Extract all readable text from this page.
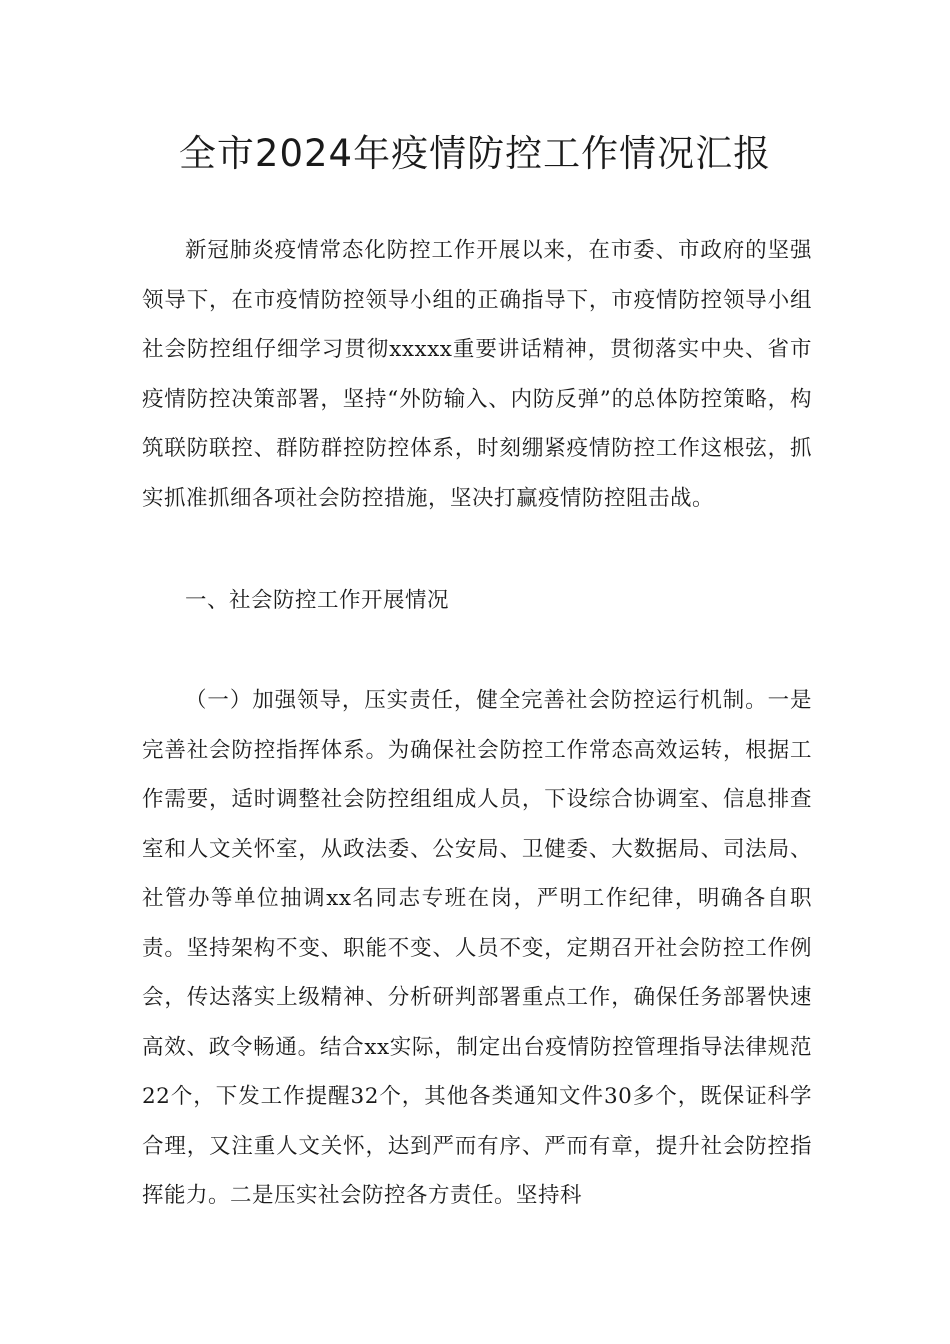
全市2024年疫情防控工作情况汇报

新冠肺炎疫情常态化防控工作开展以来，在市委、市政府的坚强领导下，在市疫情防控领导小组的正确指导下，市疫情防控领导小组社会防控组仔细学习贯彻xxxxx重要讲话精神，贯彻落实中央、省市疫情防控决策部署，坚持“外防输入、内防反弹”的总体防控策略，构筑联防联控、群防群控防控体系，时刻绷紧疫情防控工作这根弦，抓实抓准抓细各项社会防控措施，坚决打赢疫情防控阻击战。

一、社会防控工作开展情况

（一）加强领导，压实责任，健全完善社会防控运行机制。一是完善社会防控指挥体系。为确保社会防控工作常态高效运转，根据工作需要，适时调整社会防控组组成人员，下设综合协调室、信息排查室和人文关怀室，从政法委、公安局、卫健委、大数据局、司法局、社管办等单位抽调xx名同志专班在岗，严明工作纪律，明确各自职责。坚持架构不变、职能不变、人员不变，定期召开社会防控工作例会，传达落实上级精神、分析研判部署重点工作，确保任务部署快速高效、政令畅通。结合xx实际，制定出台疫情防控管理指导法律规范22个，下发工作提醒32个，其他各类通知文件30多个，既保证科学合理，又注重人文关怀，达到严而有序、严而有章，提升社会防控指挥能力。二是压实社会防控各方责任。坚持科
